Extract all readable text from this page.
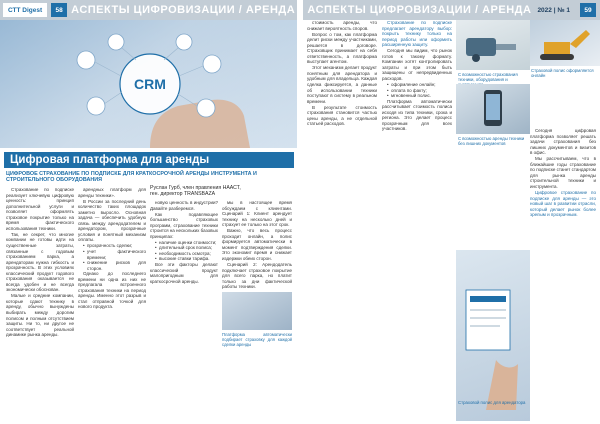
СТТ Digest	58 АСПЕКТЫ ЦИФРОВИЗАЦИИ / АРЕНДА АСПЕКТЫ ЦИФРОВИЗАЦИИ / АРЕНДА 2022 | № 1	59
CRM
Цифровая платформа для аренды
ЦИФРОВОЕ СТРАХОВАНИЕ ПО ПОДПИСКЕ ДЛЯ КРАТКОСРОЧНОЙ АРЕНДЫ ИНСТРУМЕНТА И СТРОИТЕЛЬНОГО ОБОРУДОВАНИЯ
Руслан Гурб, член правления НААСТ,
ген. директор TRANSBAZA

Страхование по подписке реализует ключевую цифровую ценность: принцип дополнительной услуги и позволяет оформлять страховое покрытие только на время фактического использования техники.

Так, не секрет, что многие компании не готовы идти на существенные затраты, связанные с годовым страхованием парка, а арендаторам нужна гибкость и прозрачность. В этих условиях классический продукт годового страхования оказывается не всегда удобен и не всегда экономически обоснован.

Малые и средние компании, которые сдают технику в аренду, обычно вынуждены выбирать между дорогим полисом и полным отсутствием защиты. Ни то, ни другое не соответствует реальной динамике рынка аренды.

арендных платформ для аренды техники».

В России за последний день количество таких площадок заметно выросло. Основная задача — обеспечить удобную связь между арендодателем и арендатором, прозрачные условия и понятный механизм оплаты.

• прозрачность сделки;
• учет фактического времени;
• снижение рисков для сторон.

Однако до последнего времени ни одна из них не предлагала встроенного страхования техники на период аренды. Именно этот разрыв и стал отправной точкой для нового продукта.

новую ценность в индустрии? Давайте разберемся.

Как подавляющее большинство страховых программ, страхование техники строится на нескольких базовых принципах:

• наличие оценки стоимости;
• длительный срок полиса;
• необходимость осмотра;
• высокие ставки тарифа.

Все эти факторы делают классический продукт малопригодным для краткосрочной аренды.

мы в настоящее время обсуждаем с клиентами. Сценарий 1: Клиент арендует технику на несколько дней и страхует ее только на этот срок.

Важно, что весь процесс проходит онлайн, а полис формируется автоматически в момент подтверждения сделки. Это экономит время и снижает издержки обеих сторон.

Сценарий 2: Арендодатель подключает страховое покрытие для всего парка, но платит только за дни фактической работы техники.

Платформа автоматически подбирает страховку для каждой сделки аренды

стоимость аренды, что снижает вероятность споров.

Вопрос о том, как платформа делит риски между участниками, решается в договоре. Страховщик принимает на себя ответственность, а платформа выступает агентом.

Этот механизм делает продукт понятным для арендатора и удобным для владельца. Каждая сделка фиксируется, а данные об использовании техники поступают в систему в реальном времени.

В результате стоимость страхования становится частью цены аренды, а не отдельной статьей расходов.

Страхование по подписке предлагает арендатору выбор: покрыть технику только на период работы или оформить расширенную защиту.

Сегодня мы видим, что рынок готов к такому формату. Компании хотят контролировать затраты и при этом быть защищены от непредвиденных расходов.

• оформление онлайн;
• оплата по факту;
• мгновенный полис.

Платформа автоматически рассчитывает стоимость полиса исходя из типа техники, срока и региона. Это делает процесс прозрачным для всех участников.

С возможностью страхования техники, оборудования и
Страховой полис оформляется онлайн
С возможностью аренды техники без лишних документов
Страховой полис для арендатора

Сегодня цифровая платформа позволяет решать задачи страхования без лишних документов и визитов в офис.

Мы рассчитываем, что в ближайшие годы страхование по подписке станет стандартом для рынка аренды строительной техники и инструмента.

Цифровое страхование по подписке для аренды — это новый шаг в развитии отрасли, который делает рынок более зрелым и прозрачным.
